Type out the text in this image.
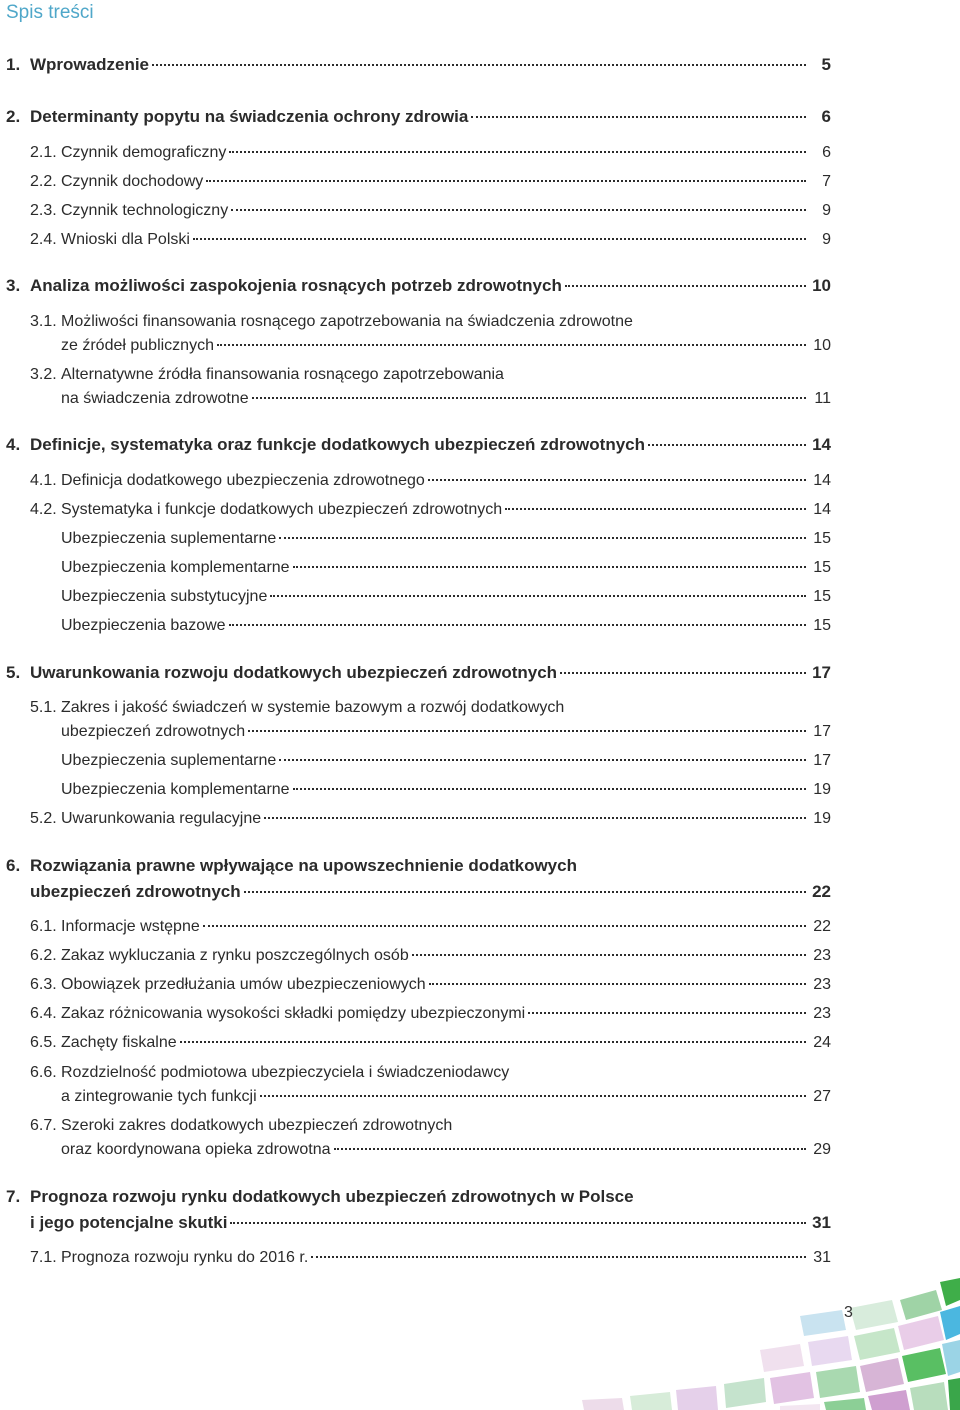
Spis treści
1. Wprowadzenie	5
2. Determinanty popytu na świadczenia ochrony zdrowia	6
2.1. Czynnik demograficzny	6
2.2. Czynnik dochodowy	7
2.3. Czynnik technologiczny	9
2.4. Wnioski dla Polski	9
3. Analiza możliwości zaspokojenia rosnących potrzeb zdrowotnych	10
3.1. Możliwości finansowania rosnącego zapotrzebowania na świadczenia zdrowotne
ze źródeł publicznych	10
3.2. Alternatywne źródła finansowania rosnącego zapotrzebowania
na świadczenia zdrowotne	11
4. Definicje, systematyka oraz funkcje dodatkowych ubezpieczeń zdrowotnych	14
4.1. Definicja dodatkowego ubezpieczenia zdrowotnego	14
4.2. Systematyka i funkcje dodatkowych ubezpieczeń zdrowotnych	14
Ubezpieczenia suplementarne	15
Ubezpieczenia komplementarne	15
Ubezpieczenia substytucyjne	15
Ubezpieczenia bazowe	15
5. Uwarunkowania rozwoju dodatkowych ubezpieczeń zdrowotnych	17
5.1. Zakres i jakość świadczeń w systemie bazowym a rozwój dodatkowych
ubezpieczeń zdrowotnych	17
Ubezpieczenia suplementarne	17
Ubezpieczenia komplementarne	19
5.2. Uwarunkowania regulacyjne	19
6. Rozwiązania prawne wpływające na upowszechnienie dodatkowych
ubezpieczeń zdrowotnych	22
6.1. Informacje wstępne	22
6.2. Zakaz wykluczania z rynku poszczególnych osób	23
6.3. Obowiązek przedłużania umów ubezpieczeniowych	23
6.4. Zakaz różnicowania wysokości składki pomiędzy ubezpieczonymi	23
6.5. Zachęty fiskalne	24
6.6. Rozdzielność podmiotowa ubezpieczyciela i świadczeniodawcy
a zintegrowanie tych funkcji	27
6.7. Szeroki zakres dodatkowych ubezpieczeń zdrowotnych
oraz koordynowana opieka zdrowotna	29
7. Prognoza rozwoju rynku dodatkowych ubezpieczeń zdrowotnych w Polsce
i jego potencjalne skutki	31
7.1. Prognoza rozwoju rynku do 2016 r.	31
3
